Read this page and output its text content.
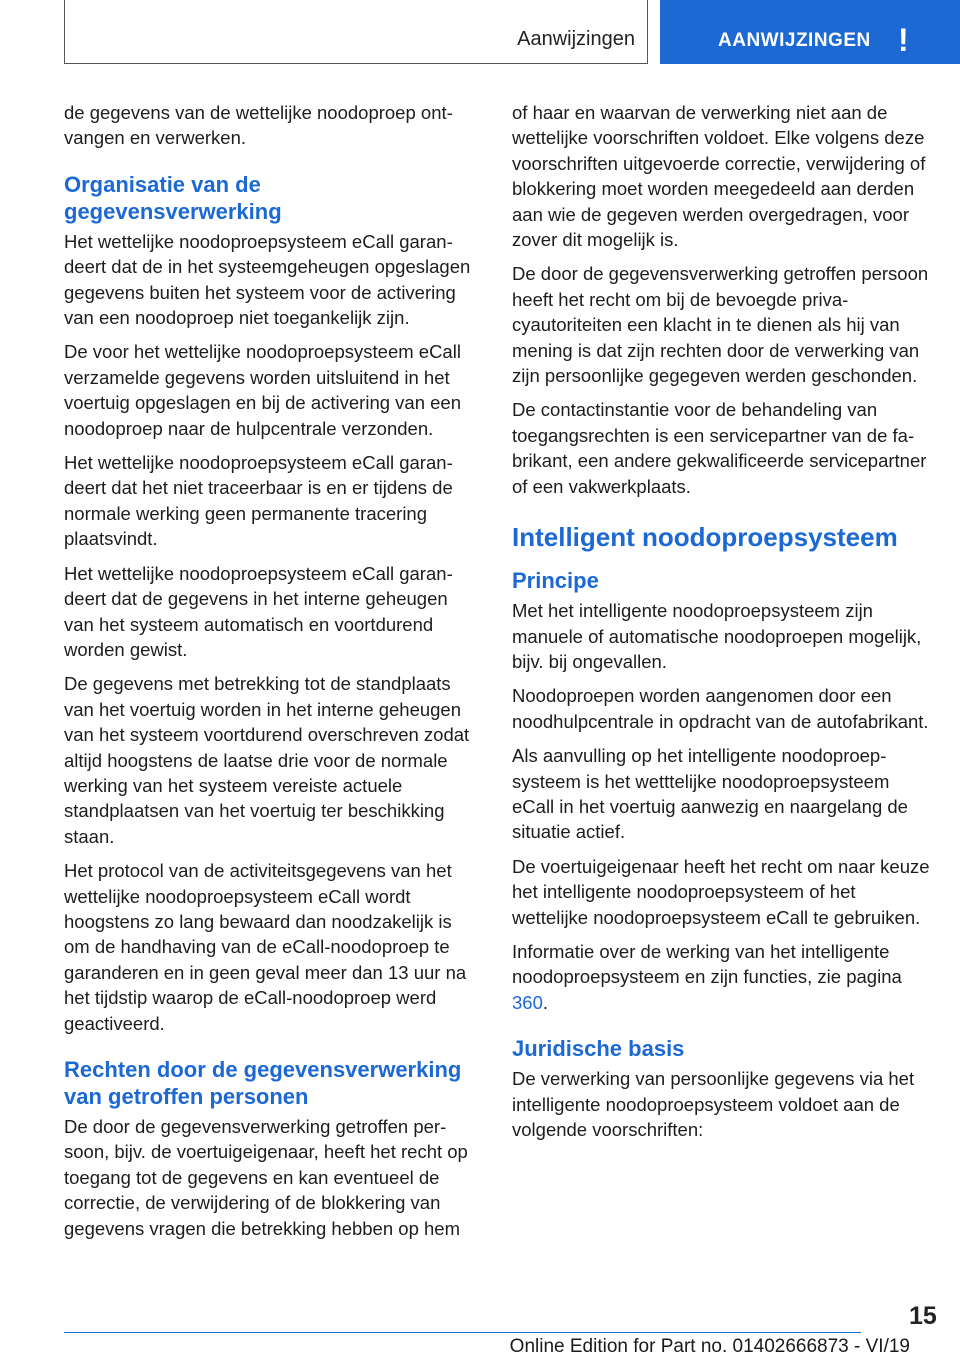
Aanwijzingen	AANWIJZINGEN !

de gegevens van de wettelijke noodoproep ontvangen en verwerken.

Organisatie van de gegevensverwerking

Het wettelijke noodoproepsysteem eCall garandeert dat de in het systeemgeheugen opgeslagen gegevens buiten het systeem voor de activering van een noodoproep niet toegankelijk zijn.

De voor het wettelijke noodoproepsysteem eCall verzamelde gegevens worden uitsluitend in het voertuig opgeslagen en bij de activering van een noodoproep naar de hulpcentrale verzonden.

Het wettelijke noodoproepsysteem eCall garandeert dat het niet traceerbaar is en er tijdens de normale werking geen permanente tracering plaatsvindt.

Het wettelijke noodoproepsysteem eCall garandeert dat de gegevens in het interne geheugen van het systeem automatisch en voortdurend worden gewist.

De gegevens met betrekking tot de standplaats van het voertuig worden in het interne geheugen van het systeem voortdurend overschreven zodat altijd hoogstens de laatse drie voor de normale werking van het systeem vereiste actuele standplaatsen van het voertuig ter beschikking staan.

Het protocol van de activiteitsgegevens van het wettelijke noodoproepsysteem eCall wordt hoogstens zo lang bewaard dan noodzakelijk is om de handhaving van de eCall-noodoproep te garanderen en in geen geval meer dan 13 uur na het tijdstip waarop de eCall-noodoproep werd geactiveerd.

Rechten door de gegevensverwerking van getroffen personen

De door de gegevensverwerking getroffen persoon, bijv. de voertuigeigenaar, heeft het recht op toegang tot de gegevens en kan eventueel de correctie, de verwijdering of de blokkering van gegevens vragen die betrekking hebben op hem

of haar en waarvan de verwerking niet aan de wettelijke voorschriften voldoet. Elke volgens deze voorschriften uitgevoerde correctie, verwijdering of blokkering moet worden meegedeeld aan derden aan wie de gegeven werden overgedragen, voor zover dit mogelijk is.

De door de gegevensverwerking getroffen persoon heeft het recht om bij de bevoegde privacyautoriteiten een klacht in te dienen als hij van mening is dat zijn rechten door de verwerking van zijn persoonlijke gegegeven werden geschonden.

De contactinstantie voor de behandeling van toegangsrechten is een servicepartner van de fabrikant, een andere gekwalificeerde servicepartner of een vakwerkplaats.

Intelligent noodoproepsysteem
Principe

Met het intelligente noodoproepsysteem zijn manuele of automatische noodoproepen mogelijk, bijv. bij ongevallen.

Noodoproepen worden aangenomen door een noodhulpcentrale in opdracht van de autofabrikant.

Als aanvulling op het intelligente noodoproepsysteem is het wetttelijke noodoproepsysteem eCall in het voertuig aanwezig en naargelang de situatie actief.

De voertuigeigenaar heeft het recht om naar keuze het intelligente noodoproepsysteem of het wettelijke noodoproepsysteem eCall te gebruiken.

Informatie over de werking van het intelligente noodoproepsysteem en zijn functies, zie pagina 360.

Juridische basis

De verwerking van persoonlijke gegevens via het intelligente noodoproepsysteem voldoet aan de volgende voorschriften:

15
Online Edition for Part no. 01402666873 - VI/19
